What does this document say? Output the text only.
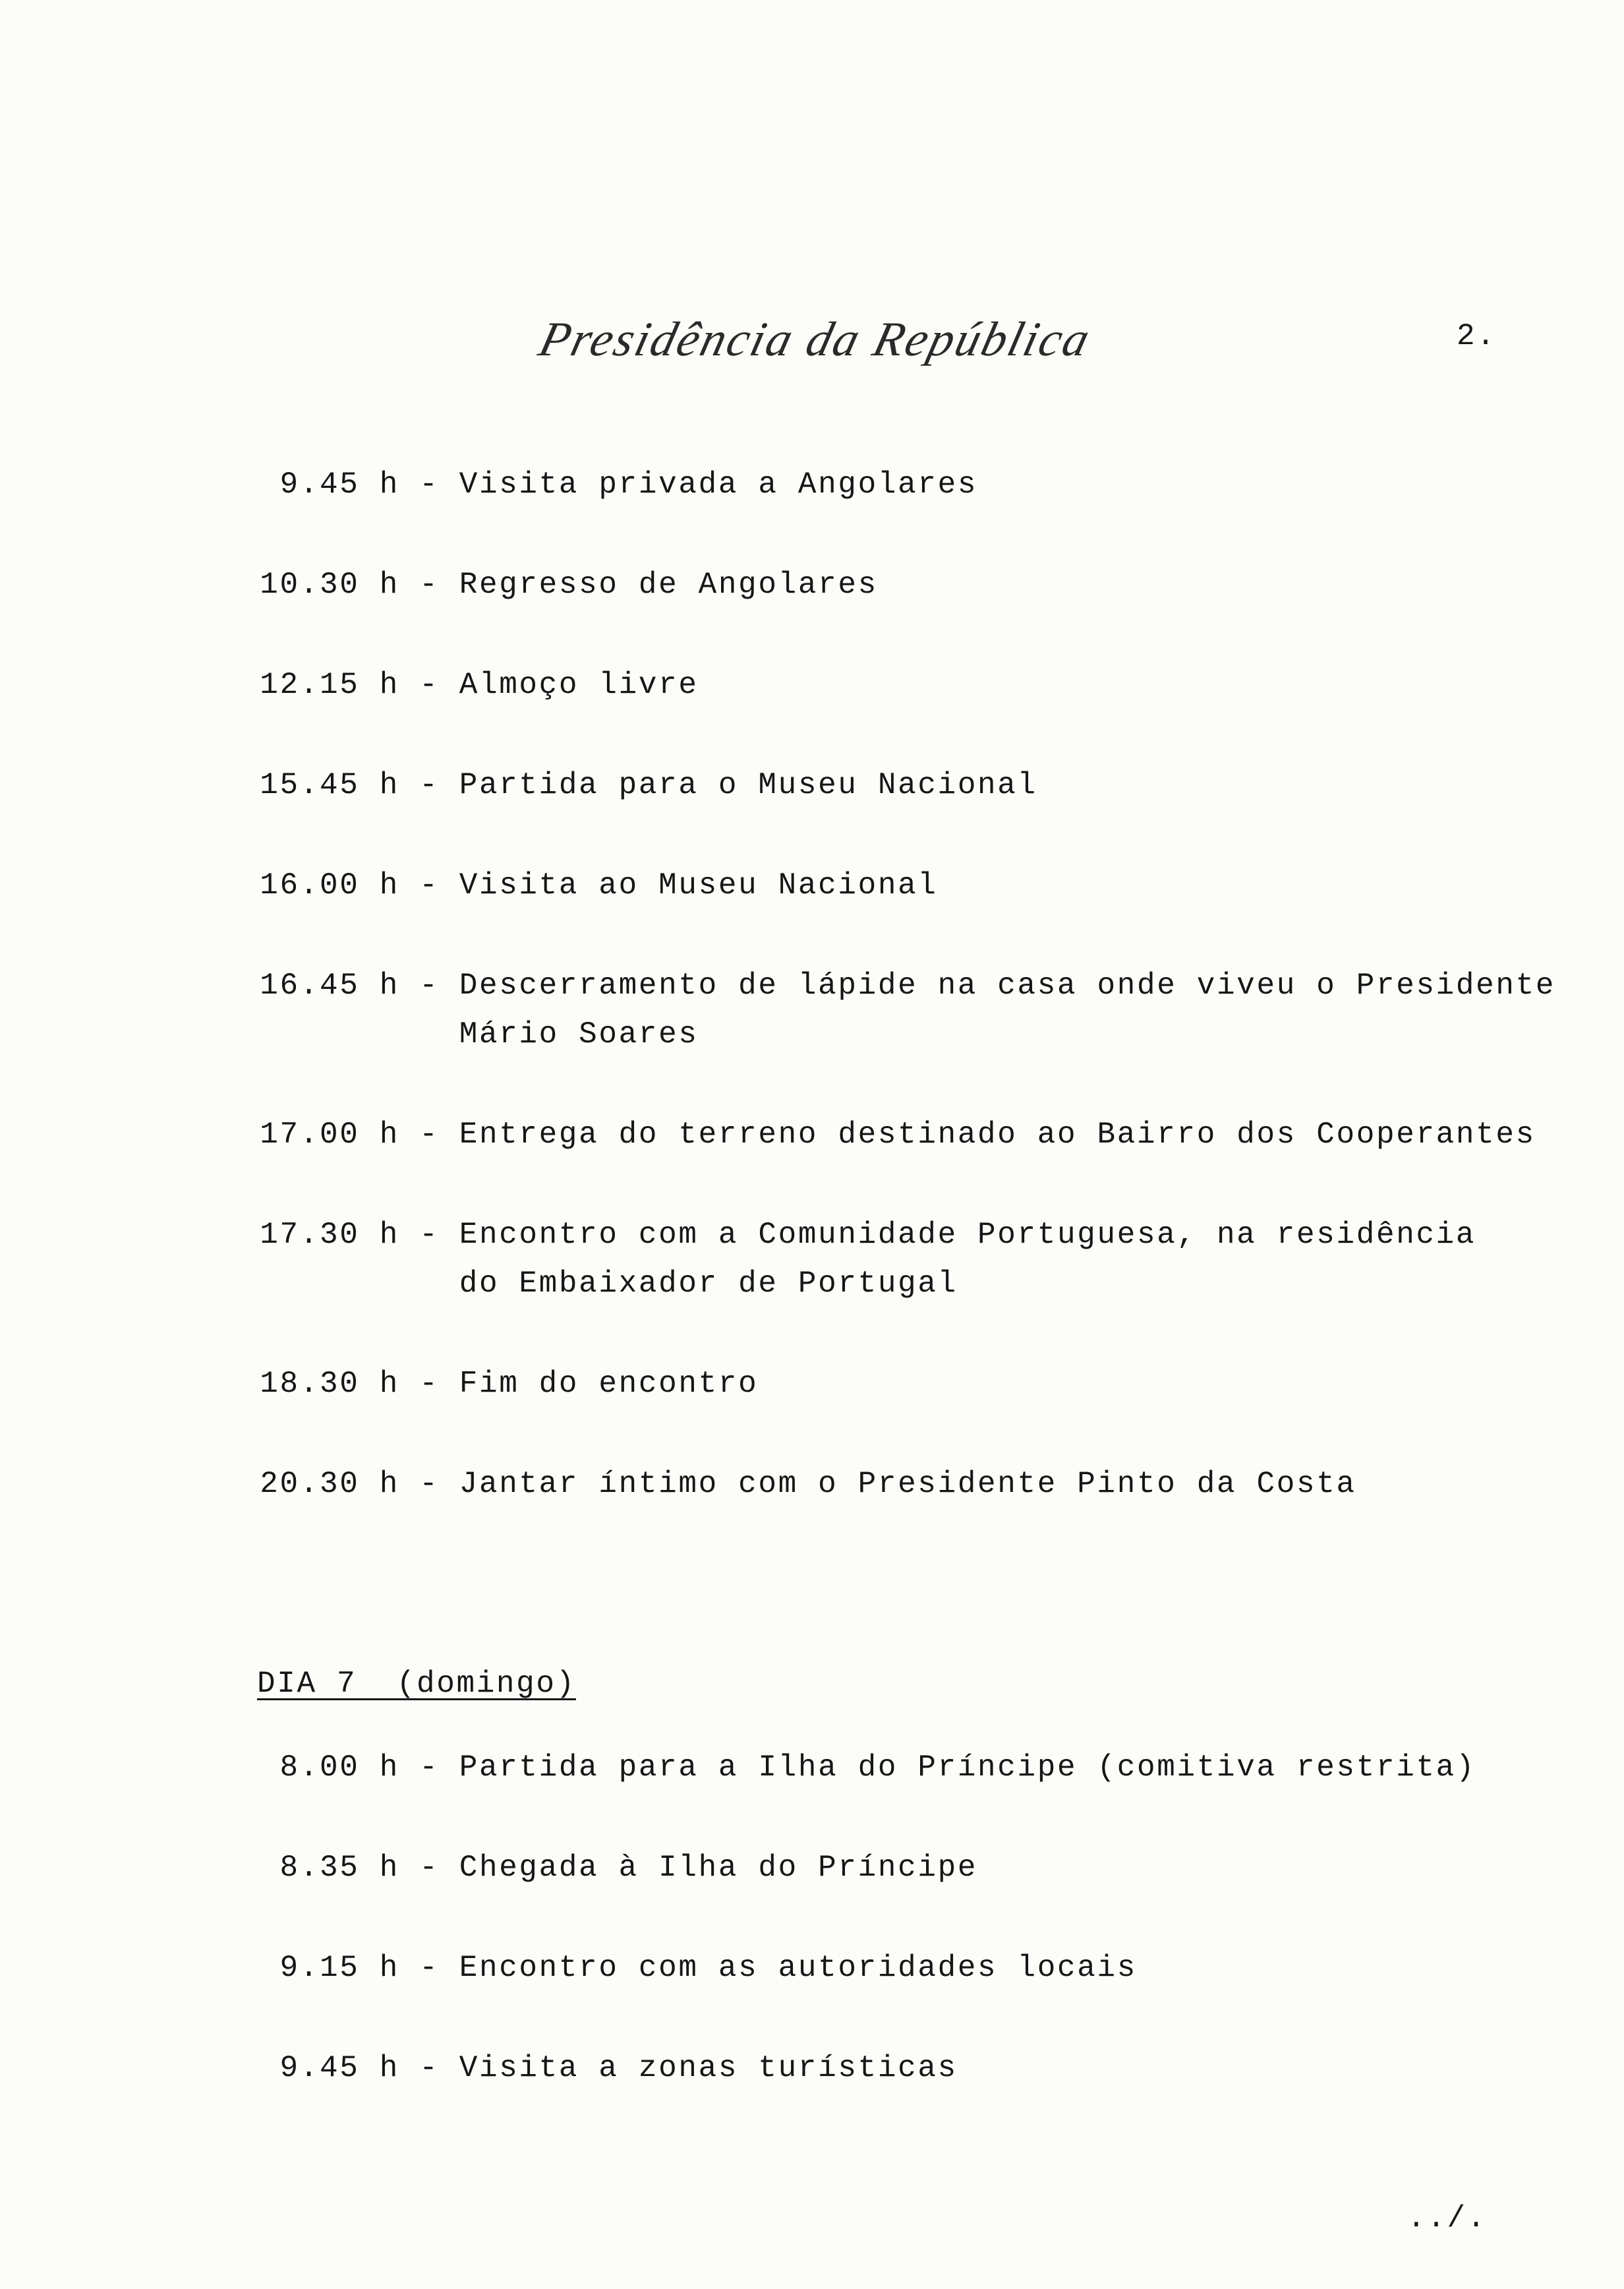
Presidência da República	2.
9.45 h - Visita privada a Angolares
10.30 h - Regresso de Angolares
12.15 h - Almoço livre
15.45 h - Partida para o Museu Nacional
16.00 h - Visita ao Museu Nacional
16.45 h - Descerramento de lápide na casa onde viveu o Presidente
Mário Soares
17.00 h - Entrega do terreno destinado ao Bairro dos Cooperantes
17.30 h - Encontro com a Comunidade Portuguesa, na residência
do Embaixador de Portugal
18.30 h - Fim do encontro
20.30 h - Jantar íntimo com o Presidente Pinto da Costa
DIA 7  (domingo)
8.00 h - Partida para a Ilha do Príncipe (comitiva restrita)
8.35 h - Chegada à Ilha do Príncipe
9.15 h - Encontro com as autoridades locais
9.45 h - Visita a zonas turísticas
../.
